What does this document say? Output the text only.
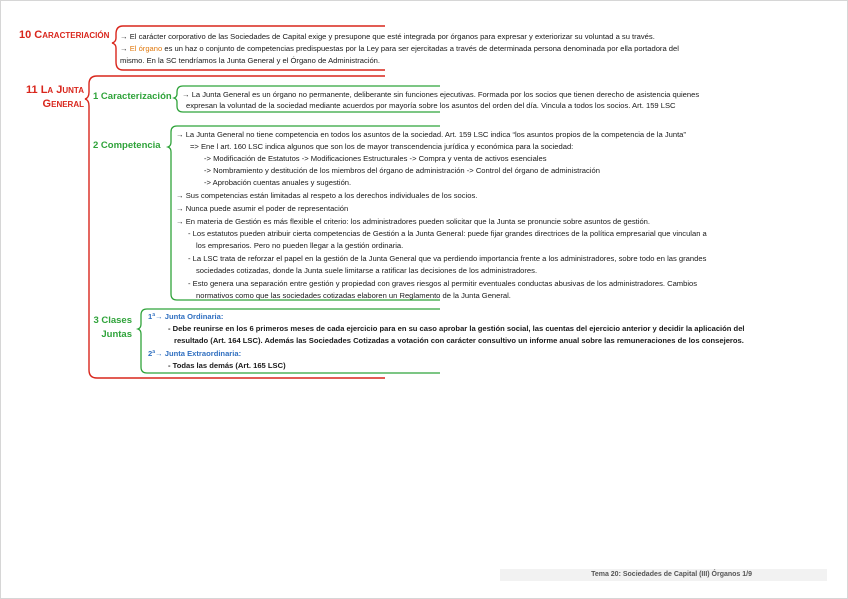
10 Caracteriación → El carácter corporativo de las Sociedades de Capital exige y presupone que esté integrada por órganos para expresar y exteriorizar su voluntad a su través.
→ El órgano es un haz o conjunto de competencias predispuestas por la Ley para ser ejercitadas a través de determinada persona denominada por ella portadora del
mismo. En la SC tendríamos la Junta General y el Órgano de Administración.
11 La Junta
General
1 Caracterización → La Junta General es un órgano no permanente, deliberante sin funciones ejecutivas. Formada por los socios que tienen derecho de asistencia quienes
expresan la voluntad de la sociedad mediante acuerdos por mayoría sobre los asuntos del orden del día. Vincula a todos los socios. Art. 159 LSC
2 Competencia
→ La Junta General no tiene competencia en todos los asuntos de la sociedad. Art. 159 LSC indica “los asuntos propios de la competencia de la Junta”
=> Ene l art. 160 LSC indica algunos que son los de mayor transcendencia jurídica y económica para la sociedad:
-> Modificación de Estatutos -> Modificaciones Estructurales -> Compra y venta de activos esenciales
-> Nombramiento y destitución de los miembros del órgano de administración -> Control del órgano de administración
-> Aprobación cuentas anuales y sugestión.
→ Sus competencias están limitadas al respeto a los derechos individuales de los socios.
→ Nunca puede asumir el poder de representación
→ En materia de Gestión es más flexible el criterio: los administradores pueden solicitar que la Junta se pronuncie sobre asuntos de gestión.
- Los estatutos pueden atribuir cierta competencias de Gestión a la Junta General: puede fijar grandes directrices de la política empresarial que vinculan a
los empresarios. Pero no pueden llegar a la gestión ordinaria.
- La LSC trata de reforzar el papel en la gestión de la Junta General que va perdiendo importancia frente a los administradores, sobre todo en las grandes
sociedades cotizadas, donde la Junta suele limitarse a ratificar las decisiones de los administradores.
- Esto genera una separación entre gestión y propiedad con graves riesgos al permitir eventuales conductas abusivas de los administradores. Cambios
normativos como que las sociedades cotizadas elaboren un Reglamento de la Junta General.
3 Clases
Juntas
1ª→ Junta Ordinaria:
- Debe reunirse en los 6 primeros meses de cada ejercicio para en su caso aprobar la gestión social, las cuentas del ejercicio anterior y decidir la aplicación del
resultado (Art. 164 LSC). Además las Sociedades Cotizadas a votación con carácter consultivo un informe anual sobre las remuneraciones de los consejeros.
2ª→ Junta Extraordinaria:
- Todas las demás (Art. 165 LSC)
Tema 20: Sociedades de Capital (III) Órganos 1/9
